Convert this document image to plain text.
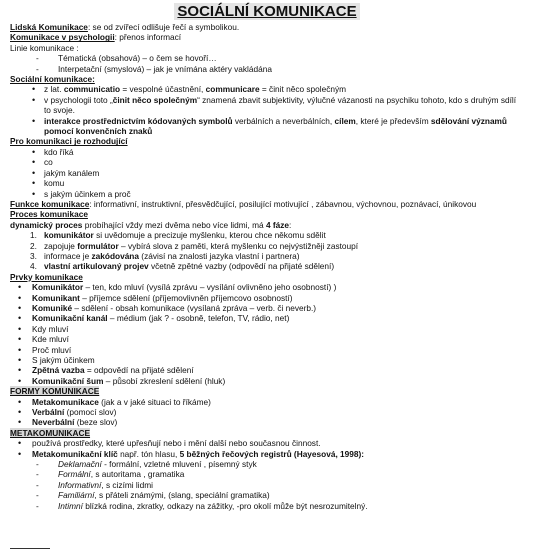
SOCIÁLNÍ KOMUNIKACE
Lidská Komunikace: se od zvířecí odlišuje řečí a symbolikou.
Komunikace v psychologii: přenos informací
Linie komunikace :
- Tématická (obsahová) – o čem se hovoří…
- Interpetační (smyslová) – jak je vnímána aktéry vakládána
Sociální komunikace:
• z lat. communicatio = vespolné účastnění, communicare = činit něco společným
• v psychologii toto „činit něco společným“ znamená zbavit subjektivity, výlučné vázanosti na psychiku tohoto, kdo s druhým sdílí to svoje.
• interakce prostřednictvím kódovaných symbolů verbálních a neverbálních, cílem, které je především sdělování významů pomocí konvenčních znaků
Pro komunikaci je rozhodující
• kdo říká
• co
• jakým kanálem
• komu
• s jakým účinkem a proč
Funkce komunikace: informativní, instruktivní, přesvědčující, posilující motivující , zábavnou, výchovnou, poznávací, únikovou
Proces komunikace
dynamický proces probíhající vždy mezi dvěma nebo více lidmi, má 4 fáze:
1. komunikátor si uvědomuje a precizuje myšlenku, kterou chce někomu sdělit
2. zapojuje formulátor – vybírá slova z paměti, která myšlenku co nejvýstižněji zastoupí
3. informace je zakódována (závisí na znalosti jazyka vlastní i partnera)
4. vlastní artikulovaný projev včetně zpětné vazby (odpovědí na přijaté sdělení)
Prvky komunikace
• Komunikátor – ten, kdo mluví (vysílá zprávu – vysílání ovlivněno jeho osobností) )
• Komunikant – příjemce sdělení (příjemovlivněn příjemcovo osobností)
• Komuniké – sdělení - obsah komunikace (vysílaná zpráva – verb. či neverb.)
• Komunikační kanál – médium (jak ? - osobně, telefon, TV, rádio, net)
• Kdy mluví
• Kde mluví
• Proč mluví
• S jakým účinkem
• Zpětná vazba = odpovědí na přijaté sdělení
• Komunikační šum – působí zkreslení sdělení (hluk)
FORMY KOMUNIKACE
• Metakomunikace (jak a v jaké situaci to říkáme)
• Verbální (pomocí slov)
• Neverbální (beze slov)
METAKOMUNIKACE
• používá prostředky, které upřesňují nebo i mění další nebo současnou činnost.
• Metakomunikační klíč např. tón hlasu, 5 běžných řečových registrů (Hayesová, 1998):
- Deklamační - formální, vzletné mluvení , písemný styk
- Formální, s autoritama , gramatika
- Informativní, s cizími lidmi
- Familiární, s přáteli známými, (slang, speciální gramatika)
- Intimní blízká rodina, zkratky, odkazy na zážitky, -pro okolí může být nesrozumitelný.
